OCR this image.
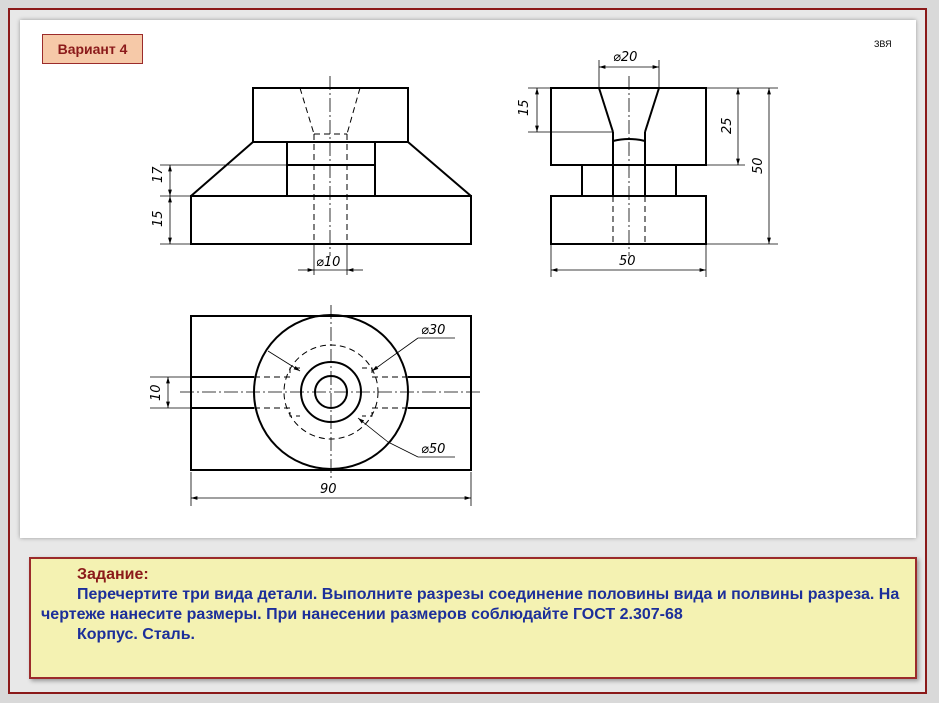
17
15
⌀10
⌀20
15
25
50
50
10
⌀30
⌀50
90
Вариант 4	ЗВЯ
Задание:
Перечертите три вида детали. Выполните разрезы соединение половины вида и полвины разреза. На чертеже нанесите размеры. При нанесении размеров соблюдайте ГОСТ 2.307-68
Корпус. Сталь.
